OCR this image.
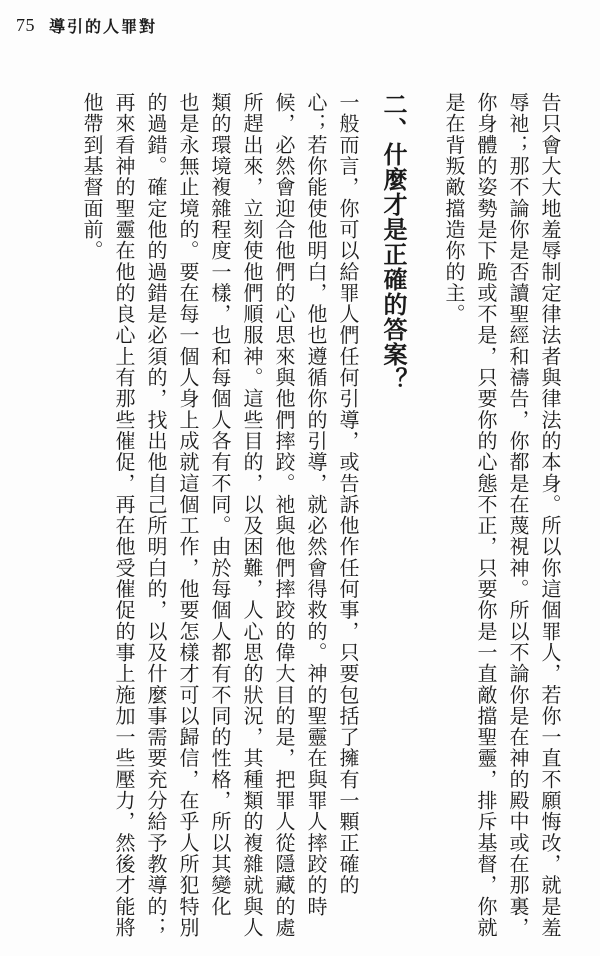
75 導引的人罪對
告只會大大地羞辱制定律法者與律法的本身。所以你這個罪人，若你一直不願悔改，就是羞
辱祂；那不論你是否讀聖經和禱告，你都是在蔑視神。所以不論你是在神的殿中或在那裏，
你身體的姿勢是下跪或不是，只要你的心態不正，只要你是一直敵擋聖靈，排斥基督，你就
是在背叛敵擋造你的主。
二、什麼才是正確的答案？
一般而言，你可以給罪人們任何引導，或告訴他作任何事，只要包括了擁有一顆正確的
心；若你能使他明白，他也遵循你的引導，就必然會得救的。神的聖靈在與罪人摔跤的時
候，必然會迎合他們的心思來與他們摔跤。祂與他們摔跤的偉大目的是，把罪人從隱藏的處
所趕出來，立刻使他們順服神。這些目的，以及困難，人心思的狀況，其種類的複雜就與人
類的環境複雜程度一樣，也和每個人各有不同。由於每個人都有不同的性格，所以其變化
也是永無止境的。要在每一個人身上成就這個工作，他要怎樣才可以歸信，在乎人所犯特別
的過錯。確定他的過錯是必須的，找出他自己所明白的，以及什麼事需要充分給予教導的；
再來看神的聖靈在他的良心上有那些催促，再在他受催促的事上施加一些壓力，然後才能將
他帶到基督面前。
